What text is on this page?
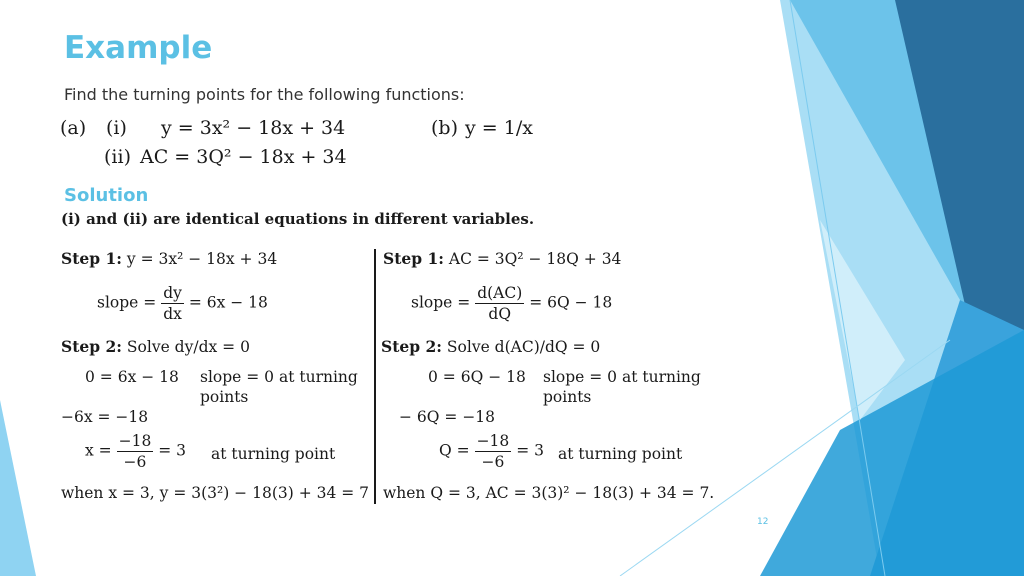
Example
Find the turning points for the following functions:
(a) (i) y = 3x² − 18x + 34
(ii) AC = 3Q² − 18x + 34
(b) y = 1/x
Solution
(i) and (ii) are identical equations in different variables.
Step 1: y = 3x² − 18x + 34
slope = $\frac{dy}{dx} = 6x - 18$
Step 2: Solve dy/dx = 0
0 = 6x − 18 slope = 0 at turning
points
−6x = −18
$x = \frac{-18}{-6} = 3$ at turning point
when x = 3, y = 3(3²) − 18(3) + 34 = 7
Step 1: AC = 3Q² − 18Q + 34
slope = $\frac{d(AC)}{dQ} = 6Q - 18$
Step 2: Solve d(AC)/dQ = 0
0 = 6Q − 18 slope = 0 at turning
points
− 6Q = −18
$Q = \frac{-18}{-6} = 3$ at turning point
when Q = 3, AC = 3(3)² − 18(3) + 34 = 7.
12
